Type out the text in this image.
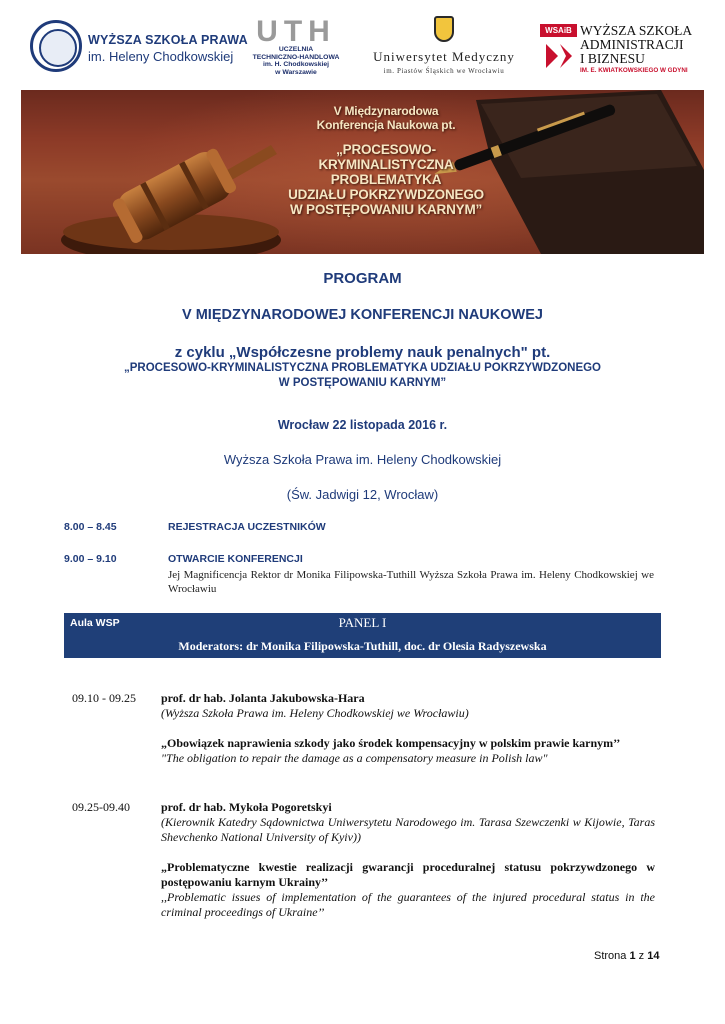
WYŻSZA SZKOŁA PRAWA
im. Heleny Chodkowskiej
UTH
UCZELNIA
TECHNICZNO-HANDLOWA
im. H. Chodkowskiej
w Warszawie
Uniwersytet Medyczny
im. Piastów Śląskich we Wrocławiu
WSAiB WYŻSZA SZKOŁA
ADMINISTRACJI
I BIZNESU
IM. E. KWIATKOWSKIEGO W GDYNI
V Międzynarodowa
Konferencja Naukowa pt.
„PROCESOWO-KRYMINALISTYCZNA
PROBLEMATYKA
UDZIAŁU POKRZYWDZONEGO
W POSTĘPOWANIU KARNYM”
PROGRAM
V MIĘDZYNARODOWEJ KONFERENCJI NAUKOWEJ
z cyklu „Współczesne problemy nauk penalnych" pt.
„PROCESOWO-KRYMINALISTYCZNA PROBLEMATYKA UDZIAŁU POKRZYWDZONEGO
W POSTĘPOWANIU KARNYM”
Wrocław 22 listopada 2016 r.
Wyższa Szkoła Prawa im. Heleny Chodkowskiej
(Św. Jadwigi 12, Wrocław)
8.00 – 8.45	REJESTRACJA UCZESTNIKÓW
9.00 – 9.10	OTWARCIE KONFERENCJI
Jej Magnificencja Rektor dr Monika Filipowska-Tuthill Wyższa Szkoła Prawa im. Heleny Chodkowskiej we Wrocławiu
PANEL I
Aula WSP
Moderators: dr Monika Filipowska-Tuthill, doc. dr Olesia Radyszewska
09.10 - 09.25 prof. dr hab. Jolanta Jakubowska-Hara
(Wyższa Szkoła Prawa im. Heleny Chodkowskiej we Wrocławiu)
„Obowiązek naprawienia szkody jako środek kompensacyjny w polskim prawie karnym’’
"The obligation to repair the damage as a compensatory measure in Polish law"
09.25-09.40	prof. dr hab. Mykoła Pogoretskyi
(Kierownik Katedry Sądownictwa Uniwersytetu Narodowego im. Tarasa Szewczenki w Kijowie, Taras Shevchenko National University of Kyiv))
„Problematyczne kwestie realizacji gwarancji proceduralnej statusu pokrzywdzonego w postępowaniu karnym Ukrainy’’
,,Problematic issues of implementation of the guarantees of the injured procedural status in the criminal proceedings of Ukraine’’
Strona 1 z 14
